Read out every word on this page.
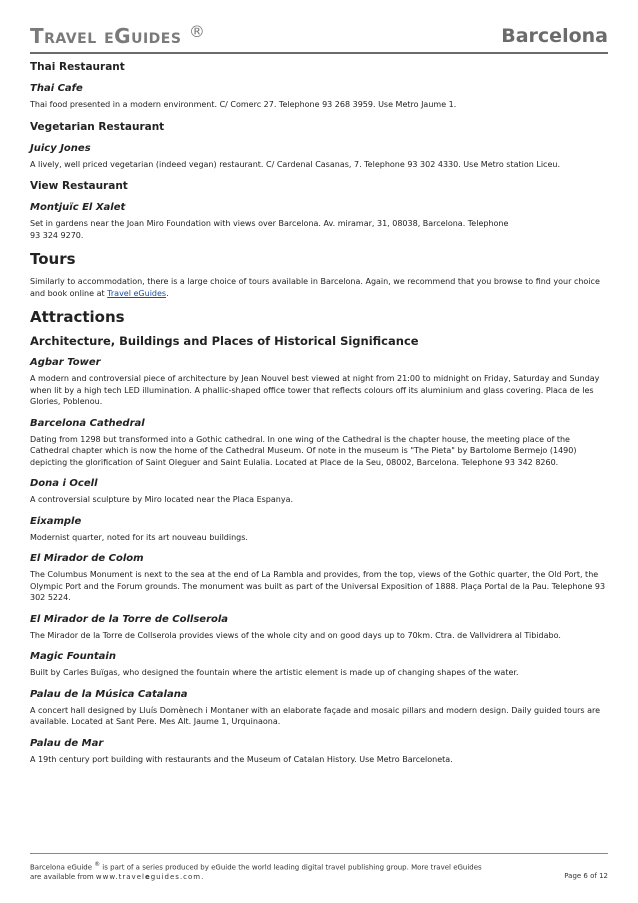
Travel eGuides ®	Barcelona
Thai Restaurant
Thai Cafe
Thai food presented in a modern environment. C/ Comerc 27. Telephone 93 268 3959. Use Metro Jaume 1.
Vegetarian Restaurant
Juicy Jones
A lively, well priced vegetarian (indeed vegan) restaurant. C/ Cardenal Casanas, 7. Telephone 93 302 4330. Use Metro station Liceu.
View Restaurant
Montjuïc El Xalet
Set in gardens near the Joan Miro Foundation with views over Barcelona. Av. miramar, 31, 08038, Barcelona. Telephone
93 324 9270.
Tours
Similarly to accommodation, there is a large choice of tours available in Barcelona. Again, we recommend that you browse to find your choice and book online at Travel eGuides.
Attractions
Architecture, Buildings and Places of Historical Significance
Agbar Tower
A modern and controversial piece of architecture by Jean Nouvel best viewed at night from 21:00 to midnight on Friday, Saturday and Sunday when lit by a high tech LED illumination. A phallic-shaped office tower that reflects colours off its aluminium and glass covering. Placa de les Glories, Poblenou.
Barcelona Cathedral
Dating from 1298 but transformed into a Gothic cathedral. In one wing of the Cathedral is the chapter house, the meeting place of the Cathedral chapter which is now the home of the Cathedral Museum. Of note in the museum is "The Pieta" by Bartolome Bermejo (1490) depicting the glorification of Saint Oleguer and Saint Eulalia. Located at Place de la Seu, 08002, Barcelona. Telephone 93 342 8260.
Dona i Ocell
A controversial sculpture by Miro located near the Placa Espanya.
Eixample
Modernist quarter, noted for its art nouveau buildings.
El Mirador de Colom
The Columbus Monument is next to the sea at the end of La Rambla and provides, from the top, views of the Gothic quarter, the Old Port, the Olympic Port and the Forum grounds. The monument was built as part of the Universal Exposition of 1888. Plaça Portal de la Pau. Telephone 93 302 5224.
El Mirador de la Torre de Collserola
The Mirador de la Torre de Collserola provides views of the whole city and on good days up to 70km. Ctra. de Vallvidrera al Tibidabo.
Magic Fountain
Built by Carles Buïgas, who designed the fountain where the artistic element is made up of changing shapes of the water.
Palau de la Música Catalana
A concert hall designed by Lluís Domènech i Montaner with an elaborate façade and mosaic pillars and modern design. Daily guided tours are available. Located at Sant Pere. Mes Alt. Jaume 1, Urquinaona.
Palau de Mar
A 19th century port building with restaurants and the Museum of Catalan History. Use Metro Barceloneta.
Barcelona eGuide ® is part of a series produced by eGuide the world leading digital travel publishing group. More travel eGuides
are available from www.traveleguides.com.	Page 6 of 12
